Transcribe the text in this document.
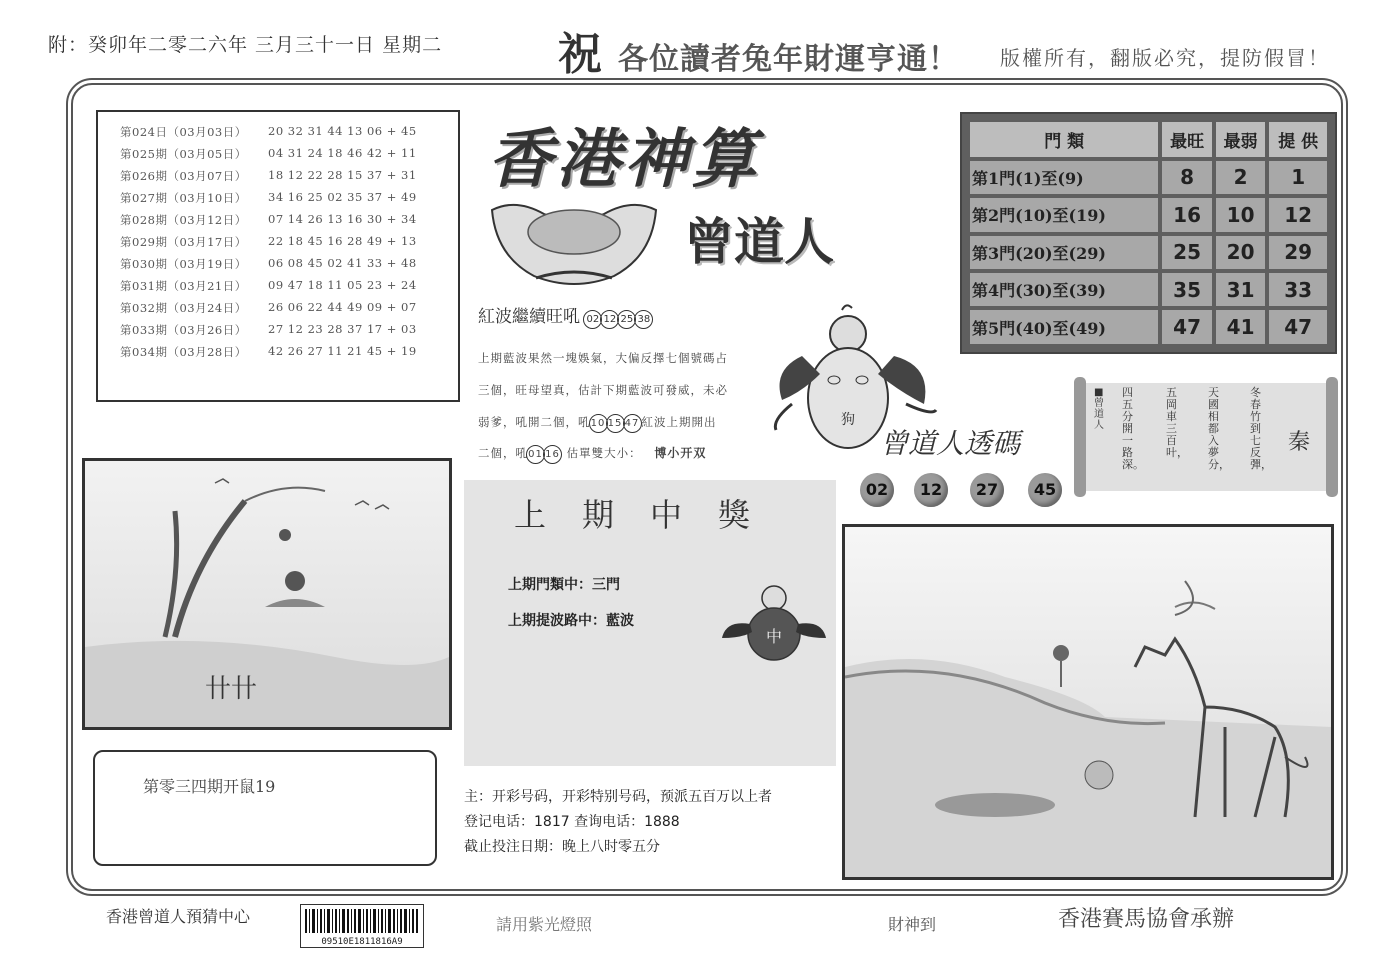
附：癸卯年二零二六年 三月三十一日 星期二	祝 各位讀者兔年財運亨通！ 版權所有，翻版必究，提防假冒！
第024日（03月03日） 20 32 31 44 13 06 + 45
第025期（03月05日） 04 31 24 18 46 42 + 11
第026期（03月07日） 18 12 22 28 15 37 + 31
第027期（03月10日） 34 16 25 02 35 37 + 49
第028期（03月12日） 07 14 26 13 16 30 + 34
第029期（03月17日） 22 18 45 16 28 49 + 13
第030期（03月19日） 06 08 45 02 41 33 + 48
第031期（03月21日） 09 47 18 11 05 23 + 24
第032期（03月24日） 26 06 22 44 49 09 + 07
第033期（03月26日） 27 12 23 28 37 17 + 03
第034期（03月28日） 42 26 27 11 21 45 + 19
香港神算
曾道人
紅波繼續旺吼 02 12 25 38
上期藍波果然一塊娛氣，大偏反擇七個號碼占
三個，旺母望真，估計下期藍波可發威，未必
弱爹，吼開二個，吼10 15 47 紅波上期開出
二個，吼01 16 估單雙大小： 博小开双
門 類	最旺	最弱	提 供
第1門(1)至(9)	8	2	1
第2門(10)至(19)	16	10	12
第3門(20)至(29)	25	20	29
第4門(30)至(39)	35	31	33
第5門(40)至(49)	47	41	47
狗
曾道人透碼
02	12	27	45
■曾道人
四五分開一路深。
五岡車三百叶，
天國相都入夢分，
冬春竹到七反彈，
秦
卄卄
第零三四期开鼠19
上期中獎
上期門類中：三門
上期提波路中：藍波
中
主：开彩号码，开彩特别号码，预派五百万以上者
登记电话：1817 查询电话：1888
截止投注日期：晚上八时零五分
香港曾道人預猜中心
09510E1811816A9
請用紫光燈照	財神到	香港賽馬協會承辦
